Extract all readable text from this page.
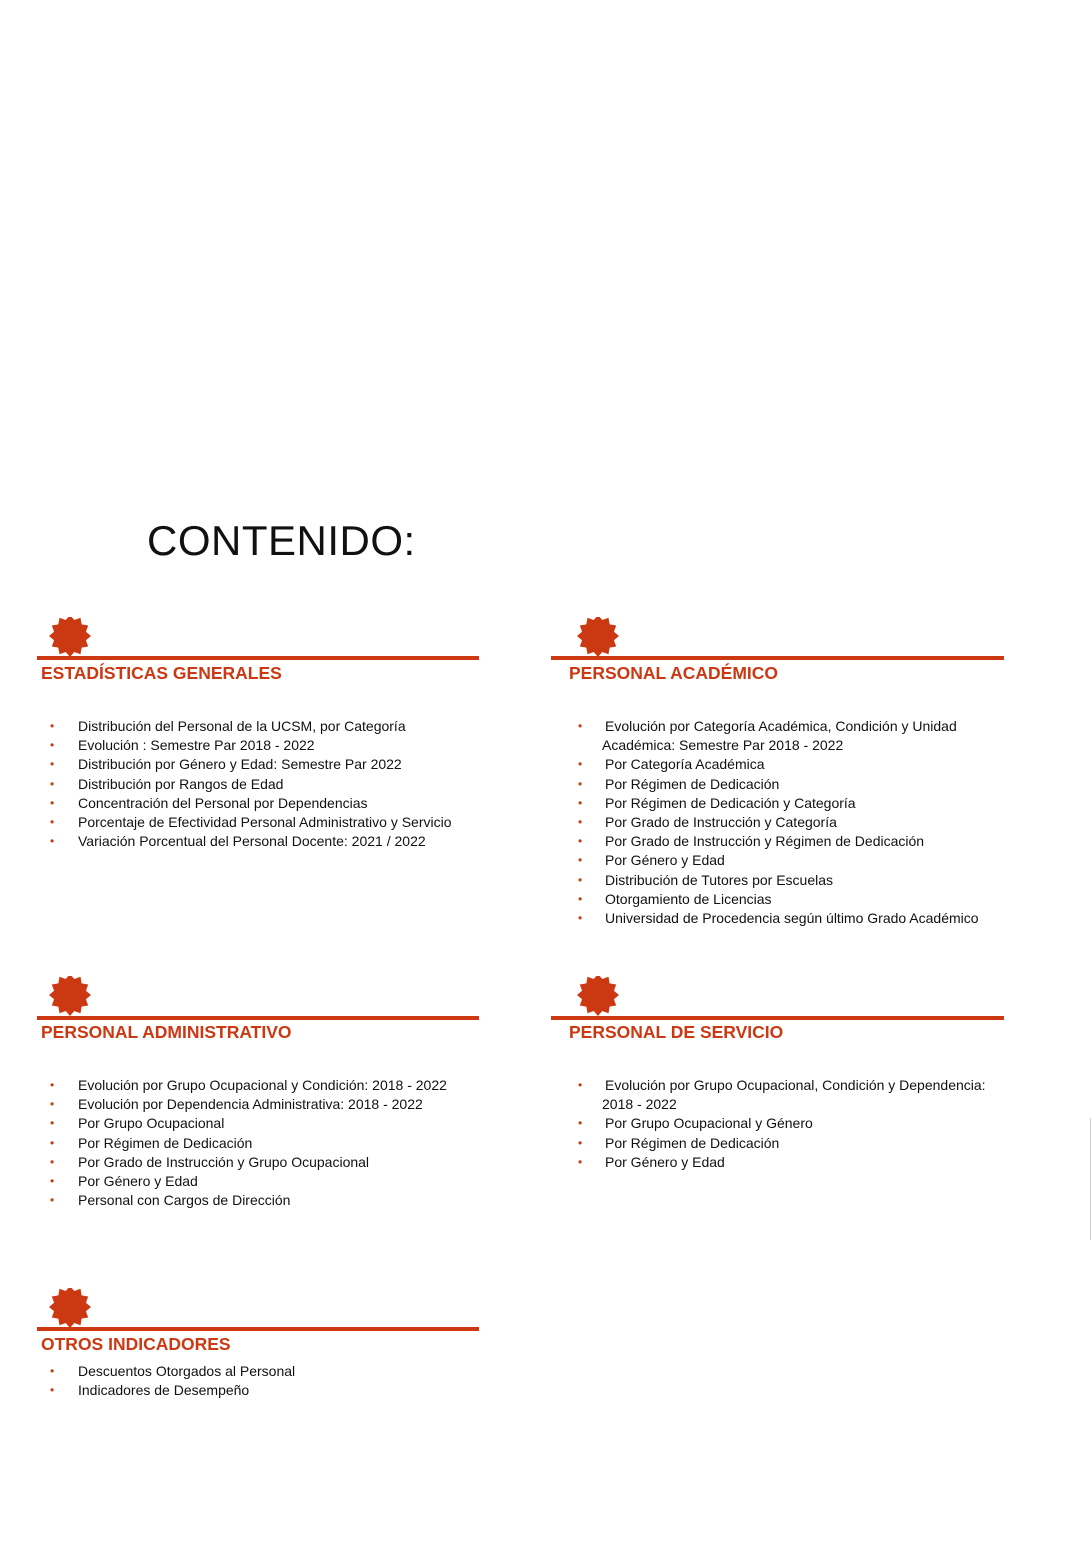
CONTENIDO:
ESTADÍSTICAS GENERALES
• Distribución del Personal de la UCSM, por Categoría
• Evolución : Semestre Par 2018 - 2022
• Distribución por Género y Edad: Semestre Par 2022
• Distribución por Rangos de Edad
• Concentración del Personal por Dependencias
• Porcentaje de Efectividad Personal Administrativo y Servicio
• Variación Porcentual del Personal Docente: 2021 / 2022
PERSONAL ACADÉMICO
• Evolución por Categoría Académica, Condición y Unidad
Académica: Semestre Par 2018 - 2022
• Por Categoría Académica
• Por Régimen de Dedicación
• Por Régimen de Dedicación y Categoría
• Por Grado de Instrucción y Categoría
• Por Grado de Instrucción y Régimen de Dedicación
• Por Género y Edad
• Distribución de Tutores por Escuelas
• Otorgamiento de Licencias
• Universidad de Procedencia según último Grado Académico
PERSONAL ADMINISTRATIVO
• Evolución por Grupo Ocupacional y Condición: 2018 - 2022
• Evolución por Dependencia Administrativa: 2018 - 2022
• Por Grupo Ocupacional
• Por Régimen de Dedicación
• Por Grado de Instrucción y Grupo Ocupacional
• Por Género y Edad
• Personal con Cargos de Dirección
PERSONAL DE SERVICIO
• Evolución por Grupo Ocupacional, Condición y Dependencia:
2018 - 2022
• Por Grupo Ocupacional y Género
• Por Régimen de Dedicación
• Por Género y Edad
OTROS INDICADORES
• Descuentos Otorgados al Personal
• Indicadores de Desempeño
